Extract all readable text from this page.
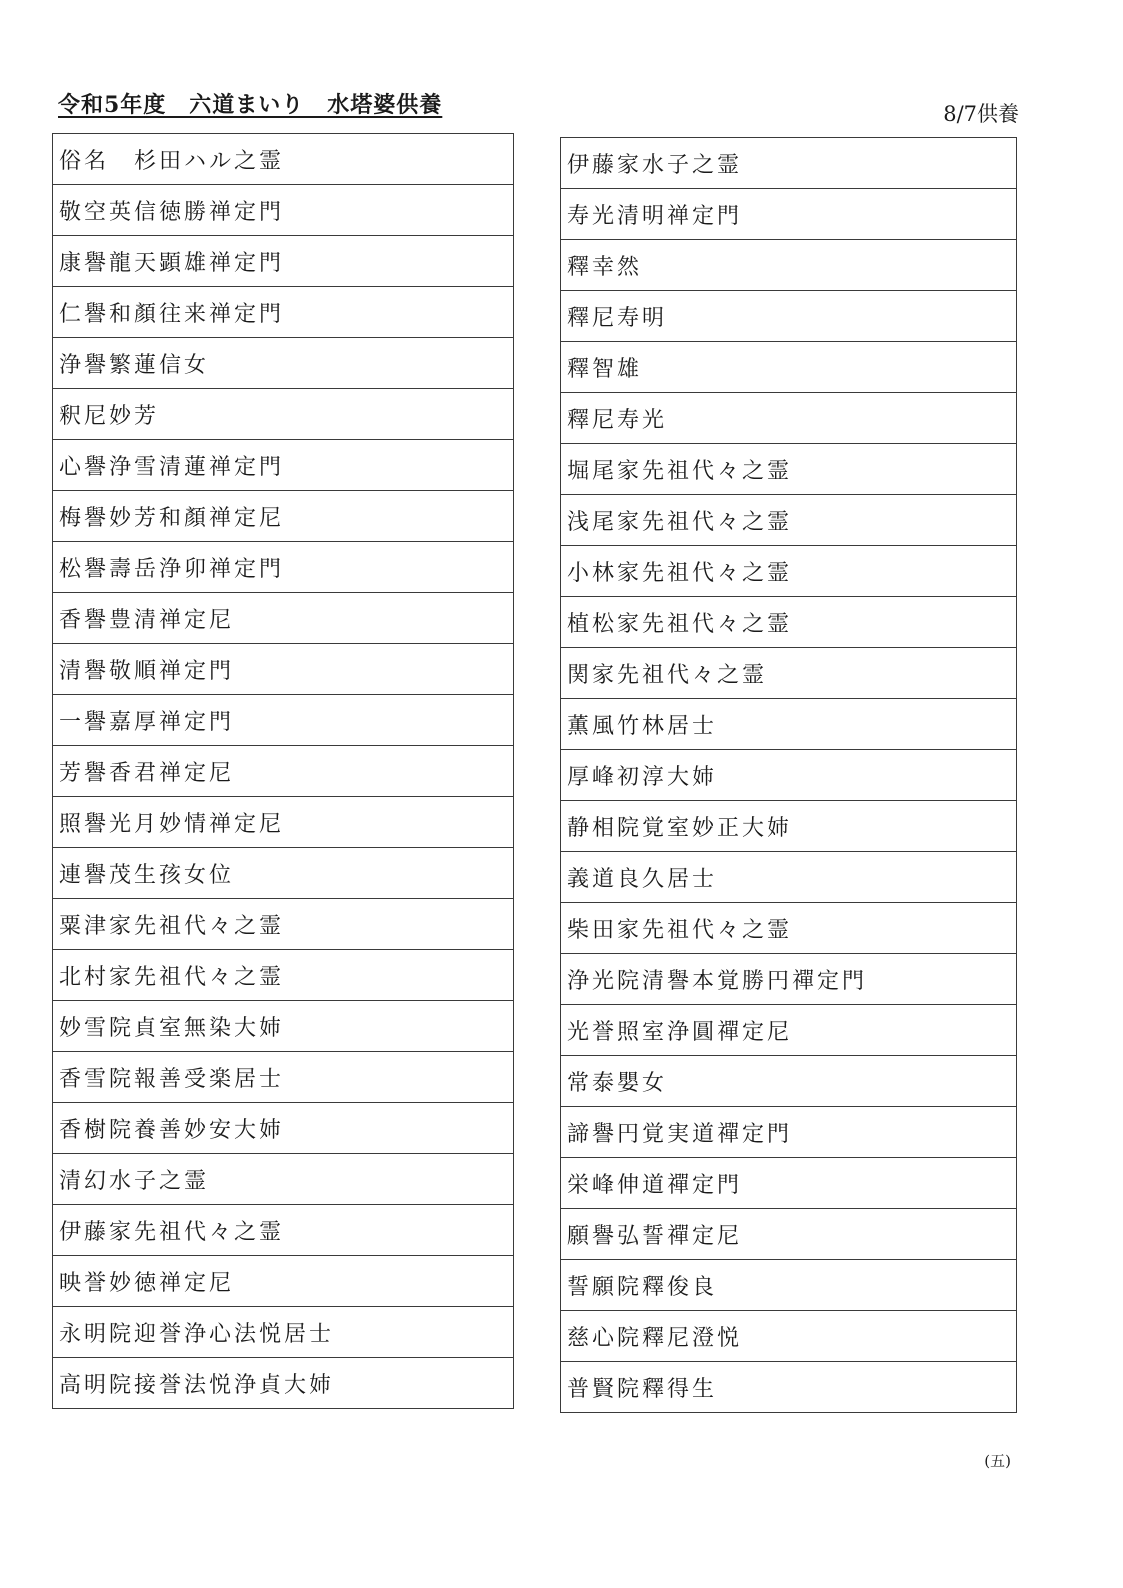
令和5年度　六道まいり　水塔婆供養	8/7供養
俗名　杉田ハル之霊
敬空英信徳勝禅定門
康譽龍天顕雄禅定門
仁譽和顏往来禅定門
浄譽繁蓮信女
釈尼妙芳
心譽浄雪清蓮禅定門
梅譽妙芳和顏禅定尼
松譽壽岳浄卯禅定門
香譽豊清禅定尼
清譽敬順禅定門
一譽嘉厚禅定門
芳譽香君禅定尼
照譽光月妙情禅定尼
連譽茂生孩女位
粟津家先祖代々之霊
北村家先祖代々之霊
妙雪院貞室無染大姉
香雪院報善受楽居士
香樹院養善妙安大姉
清幻水子之霊
伊藤家先祖代々之霊
映誉妙徳禅定尼
永明院迎誉浄心法悦居士
高明院接誉法悦浄貞大姉
伊藤家水子之霊
寿光清明禅定門
釋幸然
釋尼寿明
釋智雄
釋尼寿光
堀尾家先祖代々之霊
浅尾家先祖代々之霊
小林家先祖代々之霊
植松家先祖代々之霊
関家先祖代々之霊
薫風竹林居士
厚峰初淳大姉
静相院覚室妙正大姉
義道良久居士
柴田家先祖代々之霊
浄光院清譽本覚勝円禪定門
光誉照室浄圓禪定尼
常泰嬰女
諦譽円覚実道禪定門
栄峰伸道禪定門
願譽弘誓禪定尼
誓願院釋俊良
慈心院釋尼澄悦
普賢院釋得生
(五)
